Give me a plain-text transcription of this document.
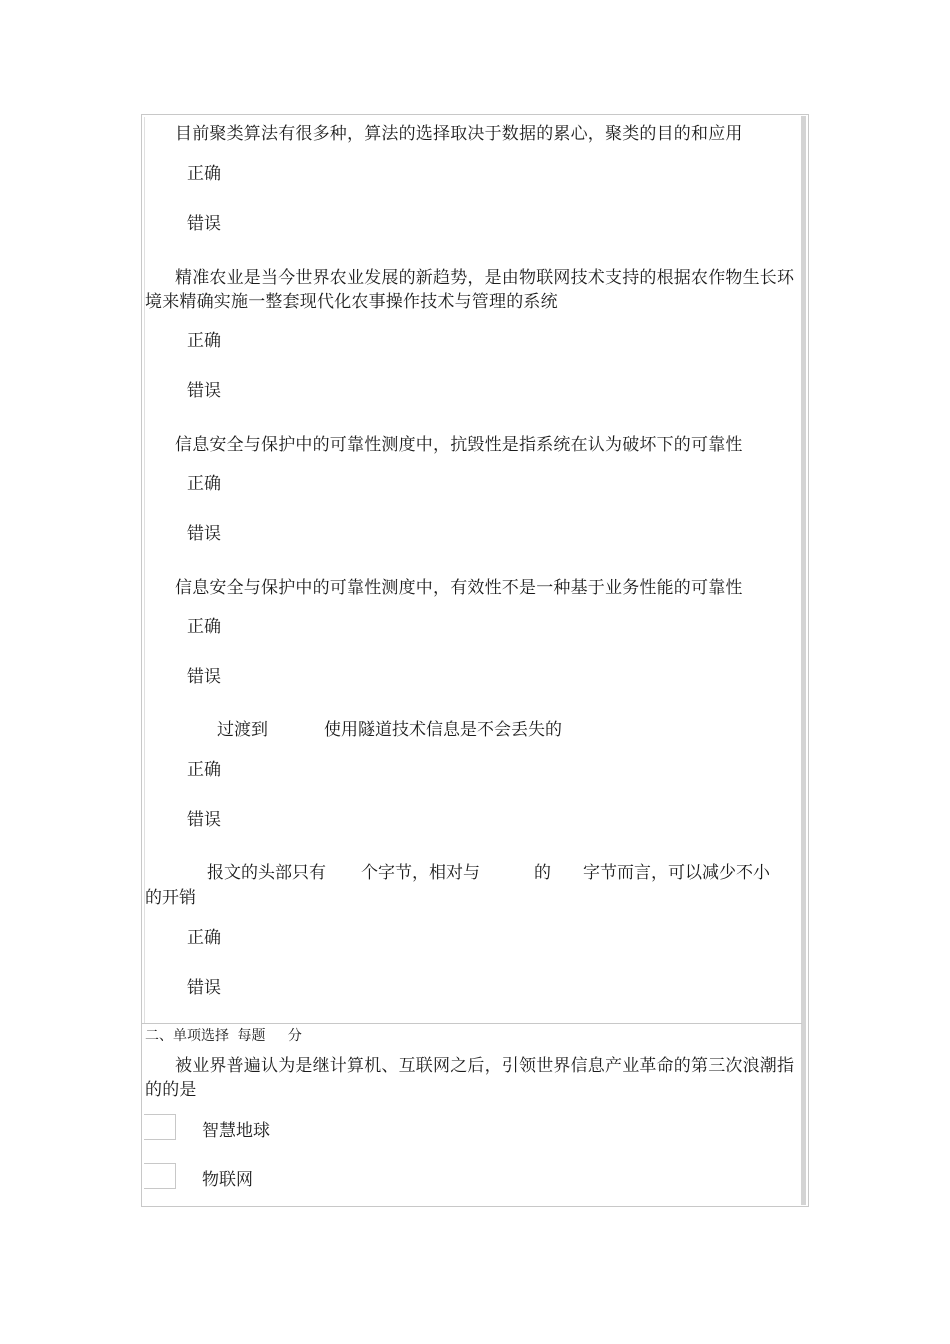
目前聚类算法有很多种，算法的选择取决于数据的累心，聚类的目的和应用
正确
错误
精准农业是当今世界农业发展的新趋势，是由物联网技术支持的根据农作物生长环境来精确实施一整套现代化农事操作技术与管理的系统
正确
错误
信息安全与保护中的可靠性测度中，抗毁性是指系统在认为破坏下的可靠性
正确
错误
信息安全与保护中的可靠性测度中，有效性不是一种基于业务性能的可靠性
正确
错误
过渡到	使用隧道技术信息是不会丢失的
正确
错误
报文的头部只有 个字节，相对与	的 字节而言，可以减少不小
的开销
正确
错误
二、单项选择 每题 分
被业界普遍认为是继计算机、互联网之后，引领世界信息产业革命的第三次浪潮指的的是
智慧地球
物联网
